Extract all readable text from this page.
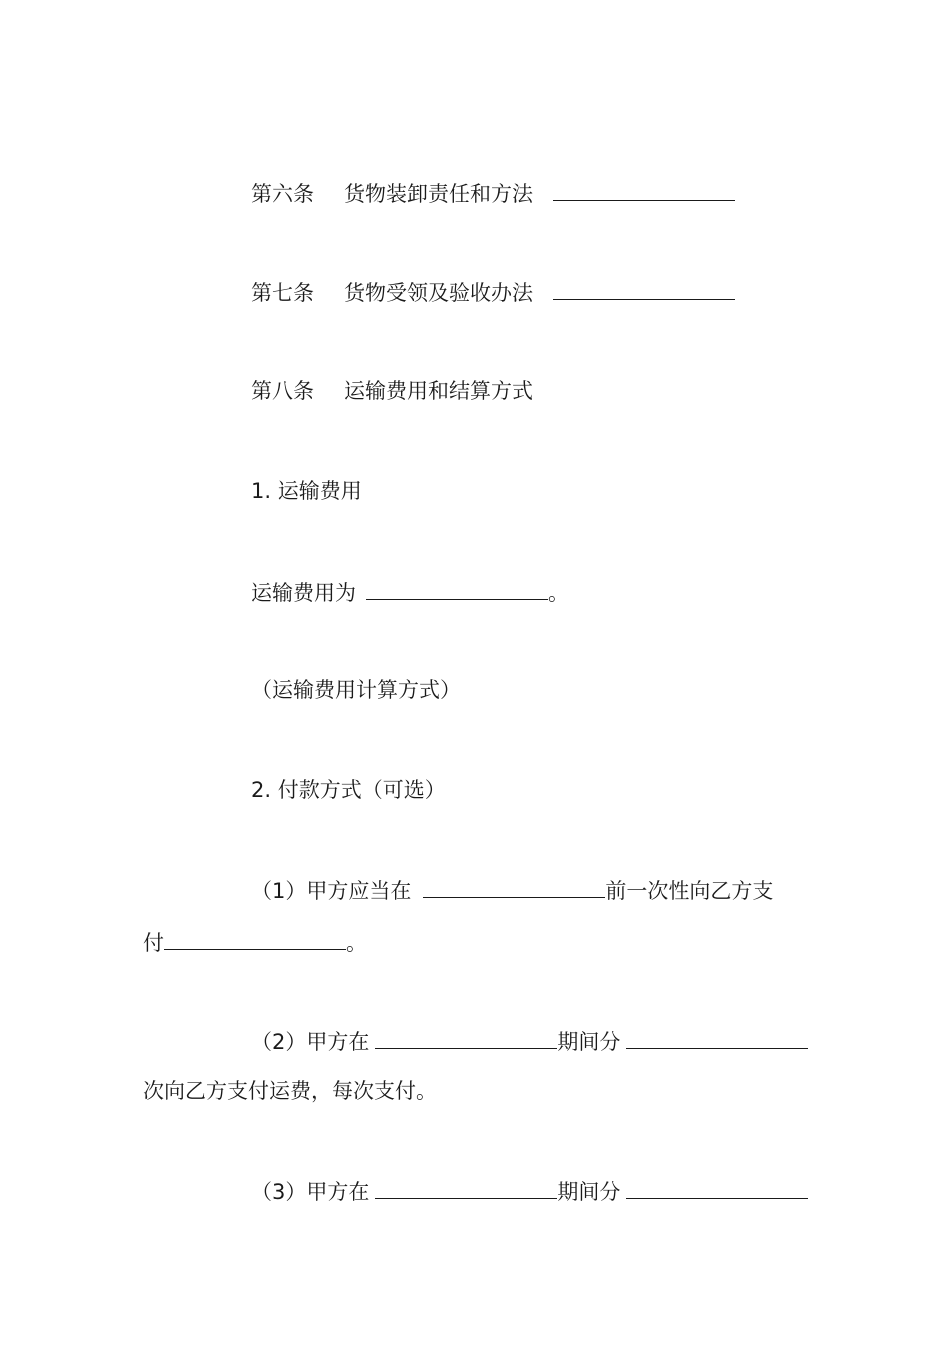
第六条 货物装卸责任和方法
第七条 货物受领及验收办法
第八条 运输费用和结算方式
1. 运输费用
运输费用为	。
（运输费用计算方式）
2. 付款方式（可选）
（1）甲方应当在	前一次性向乙方支
付	。
（2）甲方在	期间分
次向乙方支付运费，每次支付。
（3）甲方在	期间分
